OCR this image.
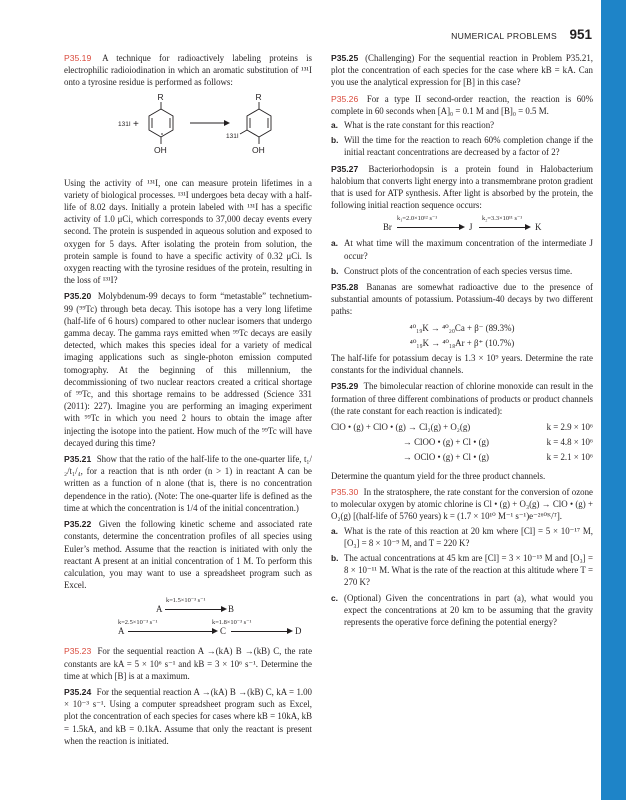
NUMERICAL PROBLEMS 951

P35.19 A technique for radioactively labeling proteins is electrophilic radioiodination in which an aromatic substitution of ¹³¹I onto a tyrosine residue is performed as follows:

R	R
OH	OH
131I +
131I

Using the activity of ¹³¹I, one can measure protein lifetimes in a variety of biological processes. ¹³¹I undergoes beta decay with a half-life of 8.02 days. Initially a protein labeled with ¹³¹I has a specific activity of 1.0 μCi, which corresponds to 37,000 decay events every second. The protein is suspended in aqueous solution and exposed to oxygen for 5 days. After isolating the protein from solution, the protein sample is found to have a specific activity of 0.32 μCi. Is oxygen reacting with the tyrosine residues of the protein, resulting in the loss of ¹³¹I?

P35.20 Molybdenum-99 decays to form “metastable” technetium-99 (⁹⁹Tc) through beta decay. This isotope has a very long lifetime (half-life of 6 hours) compared to other nuclear isomers that undergo gamma decay. The gamma rays emitted when ⁹⁹Tc decays are easily detected, which makes this species ideal for a variety of medical imaging applications such as single-photon emission computed tomography. At the beginning of this millennium, the decommissioning of two nuclear reactors created a critical shortage of ⁹⁹Tc, and this shortage remains to be addressed (Science 331 (2011): 227). Imagine you are performing an imaging experiment with ⁹⁹Tc in which you need 2 hours to obtain the image after injecting the isotope into the patient. How much of the ⁹⁹Tc will have decayed during this time?

P35.21 Show that the ratio of the half-life to the one-quarter life, t₁/₂/t₁/₄, for a reaction that is nth order (n > 1) in reactant A can be written as a function of n alone (that is, there is no concentration dependence in the ratio). (Note: The one-quarter life is defined as the time at which the concentration is 1/4 of the initial concentration.)

P35.22 Given the following kinetic scheme and associated rate constants, determine the concentration profiles of all species using Euler’s method. Assume that the reaction is initiated with only the reactant A present at an initial concentration of 1 M. To perform this calculation, you may want to use a spreadsheet program such as Excel.

k=1.5×10⁻³ s⁻¹
A	B
k=2.5×10⁻³ s⁻¹	k=1.8×10⁻³ s⁻¹
A	C	D

P35.23 For the sequential reaction A →(kA) B →(kB) C, the rate constants are kA = 5 × 10⁶ s⁻¹ and kB = 3 × 10⁶ s⁻¹. Determine the time at which [B] is at a maximum.

P35.24 For the sequential reaction A →(kA) B →(kB) C, kA = 1.00 × 10⁻³ s⁻¹. Using a computer spreadsheet program such as Excel, plot the concentration of each species for cases where kB = 10kA, kB = 1.5kA, and kB = 0.1kA. Assume that only the reactant is present when the reaction is initiated.

P35.25 (Challenging) For the sequential reaction in Problem P35.21, plot the concentration of each species for the case where kB = kA. Can you use the analytical expression for [B] in this case?

P35.26 For a type II second-order reaction, the reaction is 60% complete in 60 seconds when [A]₀ = 0.1 M and [B]₀ = 0.5 M.

a. What is the rate constant for this reaction?
b. Will the time for the reaction to reach 60% completion change if the initial reactant concentrations are decreased by a factor of 2?

P35.27 Bacteriorhodopsin is a protein found in Halobacterium halobium that converts light energy into a transmembrane proton gradient that is used for ATP synthesis. After light is absorbed by the protein, the following initial reaction sequence occurs:

k₁=2.0×10¹² s⁻¹	k₂=3.3×10¹¹ s⁻¹
Br	J	K
a. At what time will the maximum concentration of the intermediate J occur?
b. Construct plots of the concentration of each species versus time.

P35.28 Bananas are somewhat radioactive due to the presence of substantial amounts of potassium. Potassium-40 decays by two different paths:

⁴⁰₁₉K → ⁴⁰₂₀Ca + β⁻ (89.3%)
⁴⁰₁₉K → ⁴⁰₁₈Ar + β⁺ (10.7%)

The half-life for potassium decay is 1.3 × 10⁹ years. Determine the rate constants for the individual channels.

P35.29 The bimolecular reaction of chlorine monoxide can result in the formation of three different combinations of products or product channels (the rate constant for each reaction is indicated):

ClO • (g) + ClO • (g) → Cl₂(g) + O₂(g)	k = 2.9 × 10⁶
→ ClOO • (g) + Cl • (g)	k = 4.8 × 10⁶
→ OClO • (g) + Cl • (g)	k = 2.1 × 10⁶

Determine the quantum yield for the three product channels.

P35.30 In the stratosphere, the rate constant for the conversion of ozone to molecular oxygen by atomic chlorine is Cl • (g) + O₃(g) → ClO • (g) + O₂(g) [(half-life of 5760 years) k = (1.7 × 10¹⁰ M⁻¹ s⁻¹)e⁻²⁶⁰ᴷ/ᵀ].

a. What is the rate of this reaction at 20 km where [Cl] = 5 × 10⁻¹⁷ M, [O₃] = 8 × 10⁻⁹ M, and T = 220 K?
b. The actual concentrations at 45 km are [Cl] = 3 × 10⁻¹⁵ M and [O₃] = 8 × 10⁻¹¹ M. What is the rate of the reaction at this altitude where T = 270 K?
c. (Optional) Given the concentrations in part (a), what would you expect the concentrations at 20 km to be assuming that the gravity represents the operative force defining the potential energy?
